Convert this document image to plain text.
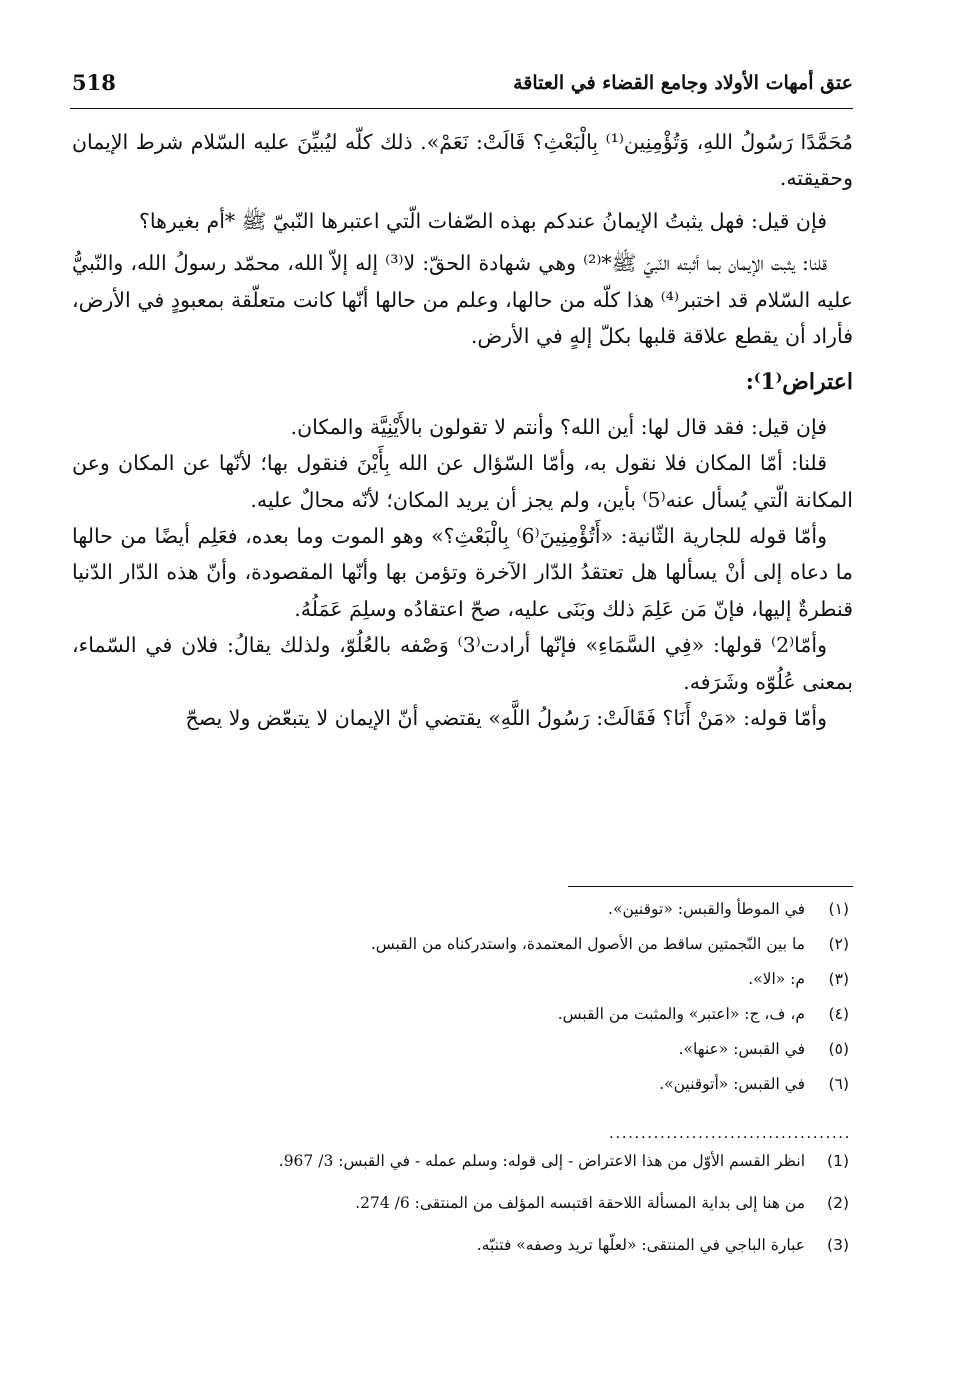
518	عتق أمهات الأولاد وجامع القضاء في العتاقة

مُحَمَّدًا رَسُولُ اللهِ، وَتُؤْمِنِين⁽¹⁾ بِالْبَعْثِ؟ قَالَتْ: نَعَمْ». ذلك كلّه ليُبيِّنَ عليه السّلام شرط الإيمان وحقيقته.

فإن قيل: فهل يثبتُ الإيمانُ عندكم بهذه الصّفات الّتي اعتبرها النّبيّ ﷺ *أم بغيرها؟

قلنا: يثبت الإيمان بما أثبته النّبيّ ﷺ*⁽²⁾ وهي شهادة الحقّ: لا⁽³⁾ إله إلاّ الله، محمّد رسولُ الله، والنّبيُّ عليه السّلام قد اختبر⁽⁴⁾ هذا كلّه من حالها، وعلم من حالها أنّها كانت متعلّقة بمعبودٍ في الأرض، فأراد أن يقطع علاقة قلبها بكلّ إلهٍ في الأرض.

اعتراض⁽1⁾:

فإن قيل: فقد قال لها: أين الله؟ وأنتم لا تقولون بالأَيْنِيَّة والمكان.

قلنا: أمّا المكان فلا نقول به، وأمّا السّؤال عن الله بِأَيْنَ فنقول بها؛ لأنّها عن المكان وعن المكانة الّتي يُسأل عنه⁽5⁾ بأين، ولم يجز أن يريد المكان؛ لأنّه محالٌ عليه.

وأمّا قوله للجارية الثّانية: «أَتُؤْمِنِينَ⁽6⁾ بِالْبَعْثِ؟» وهو الموت وما بعده، فعَلِم أيضًا من حالها ما دعاه إلى أنْ يسألها هل تعتقدُ الدّار الآخرة وتؤمن بها وأنّها المقصودة، وأنّ هذه الدّار الدّنيا قنطرةٌ إليها، فإنّ مَن عَلِمَ ذلك وبَنَى عليه، صحّ اعتقادُه وسلِمَ عَمَلُهُ.

وأمّا⁽2⁾ قولها: «فِي السَّمَاءِ» فإنّها أرادت⁽3⁾ وَصْفه بالعُلُوّ، ولذلك يقالُ: فلان في السّماء، بمعنى عُلُوّه وشَرَفه.

وأمّا قوله: «مَنْ أَنَا؟ فَقَالَتْ: رَسُولُ اللَّهِ» يقتضي أنّ الإيمان لا يتبعّض ولا يصحّ

(١)
في الموطأ والقبس: «توقنين».
(٢)
ما بين النّجمتين ساقط من الأصول المعتمدة، واستدركناه من القبس.
(٣)
م: «الا».
(٤)
م، ف، ج: «اعتبر» والمثبت من القبس.
(٥)
في القبس: «عنها».
(٦)
في القبس: «أتوقنين».
......................................
(1)
انظر القسم الأوّل من هذا الاعتراض - إلى قوله: وسلم عمله - في القبس: 3/ 967.
(2)
من هنا إلى بداية المسألة اللاحقة اقتبسه المؤلف من المنتقى: 6/ 274.
(3)
عبارة الباجي في المنتقى: «لعلّها تريد وصفه» فتنبّه.
